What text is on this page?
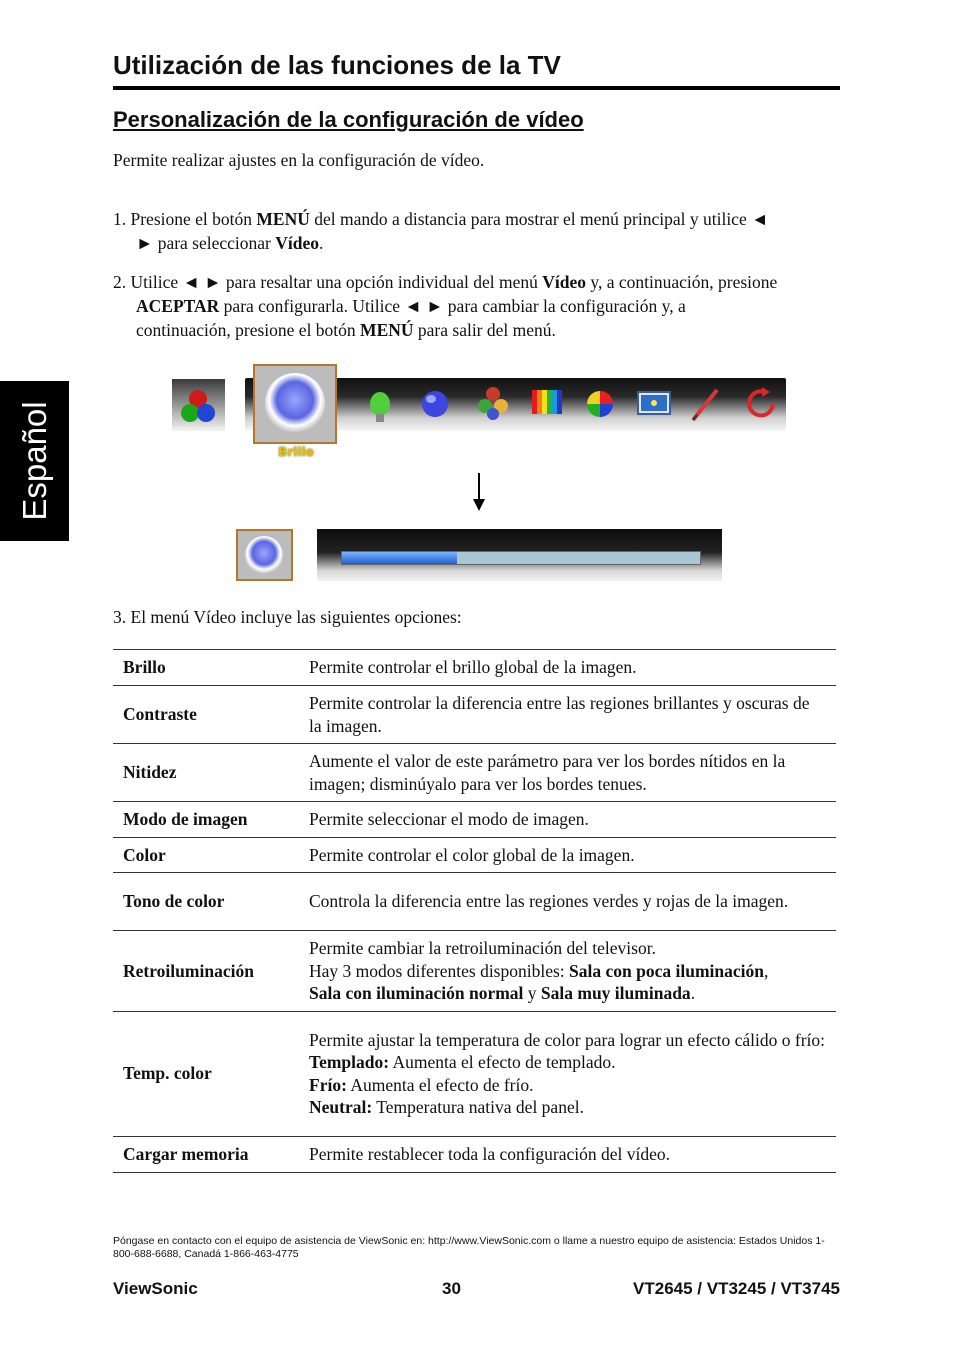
Español
Utilización de las funciones de la TV
Personalización de la configuración de vídeo
Permite realizar ajustes en la configuración de vídeo.
1. Presione el botón MENÚ del mando a distancia para mostrar el menú principal y utilice ◄
► para seleccionar Vídeo.
2. Utilice ◄ ► para resaltar una opción individual del menú Vídeo y, a continuación, presione
ACEPTAR para configurarla. Utilice ◄ ► para cambiar la configuración y, a
continuación, presione el botón MENÚ para salir del menú.
Brillo
3. El menú Vídeo incluye las siguientes opciones:
Brillo	Permite controlar el brillo global de la imagen.
Contraste	Permite controlar la diferencia entre las regiones brillantes y oscuras de la imagen.
Nitidez	Aumente el valor de este parámetro para ver los bordes nítidos en la imagen; disminúyalo para ver los bordes tenues.
Modo de imagen	Permite seleccionar el modo de imagen.
Color	Permite controlar el color global de la imagen.
Tono de color	Controla la diferencia entre las regiones verdes y rojas de la imagen.
Retroiluminación	Permite cambiar la retroiluminación del televisor.
Hay 3 modos diferentes disponibles: Sala con poca iluminación,
Sala con iluminación normal y Sala muy iluminada.

Temp. color	Permite ajustar la temperatura de color para lograr un efecto cálido o frío:
Templado: Aumenta el efecto de templado.
Frío: Aumenta el efecto de frío.
Neutral: Temperatura nativa del panel.

Cargar memoria	Permite restablecer toda la configuración del vídeo.
Póngase en contacto con el equipo de asistencia de ViewSonic en: http://www.ViewSonic.com o llame a nuestro equipo de asistencia: Estados Unidos 1-800-688-6688, Canadá 1-866-463-4775
ViewSonic	30	VT2645 / VT3245 / VT3745
